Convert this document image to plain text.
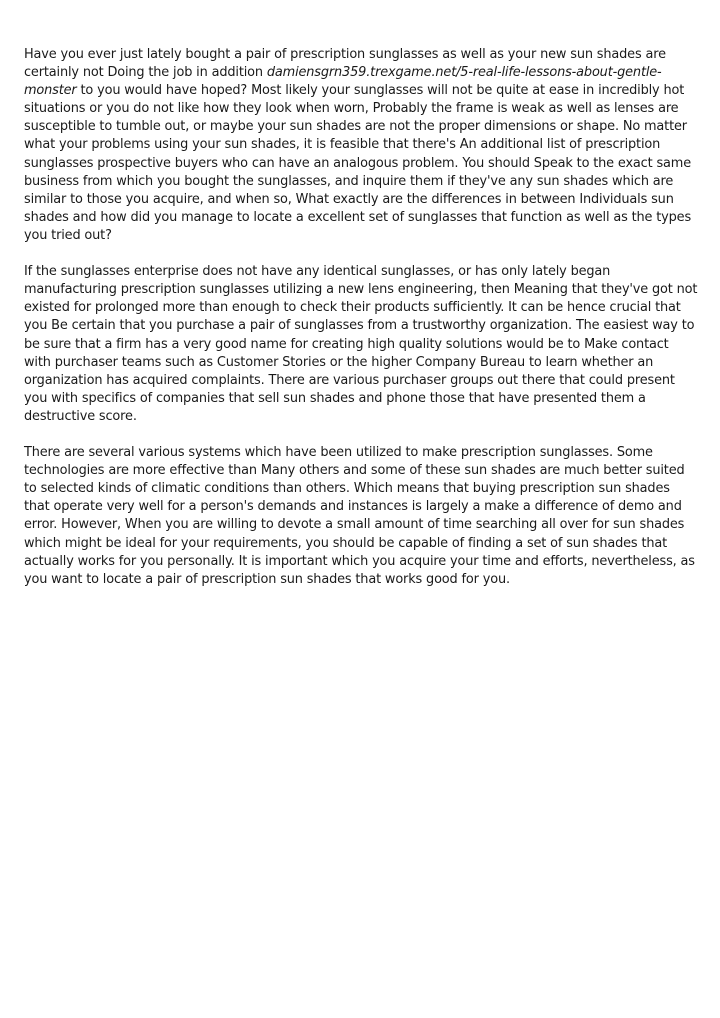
Have you ever just lately bought a pair of prescription sunglasses as well as your new sun shades are certainly not Doing the job in addition damiensgrn359.trexgame.net/5-real-life-lessons-about-gentle-monster to you would have hoped? Most likely your sunglasses will not be quite at ease in incredibly hot situations or you do not like how they look when worn, Probably the frame is weak as well as lenses are susceptible to tumble out, or maybe your sun shades are not the proper dimensions or shape. No matter what your problems using your sun shades, it is feasible that there's An additional list of prescription sunglasses prospective buyers who can have an analogous problem. You should Speak to the exact same business from which you bought the sunglasses, and inquire them if they've any sun shades which are similar to those you acquire, and when so, What exactly are the differences in between Individuals sun shades and how did you manage to locate a excellent set of sunglasses that function as well as the types you tried out?

If the sunglasses enterprise does not have any identical sunglasses, or has only lately began manufacturing prescription sunglasses utilizing a new lens engineering, then Meaning that they've got not existed for prolonged more than enough to check their products sufficiently. It can be hence crucial that you Be certain that you purchase a pair of sunglasses from a trustworthy organization. The easiest way to be sure that a firm has a very good name for creating high quality solutions would be to Make contact with purchaser teams such as Customer Stories or the higher Company Bureau to learn whether an organization has acquired complaints. There are various purchaser groups out there that could present you with specifics of companies that sell sun shades and phone those that have presented them a destructive score.

There are several various systems which have been utilized to make prescription sunglasses. Some technologies are more effective than Many others and some of these sun shades are much better suited to selected kinds of climatic conditions than others. Which means that buying prescription sun shades that operate very well for a person's demands and instances is largely a make a difference of demo and error. However, When you are willing to devote a small amount of time searching all over for sun shades which might be ideal for your requirements, you should be capable of finding a set of sun shades that actually works for you personally. It is important which you acquire your time and efforts, nevertheless, as you want to locate a pair of prescription sun shades that works good for you.
